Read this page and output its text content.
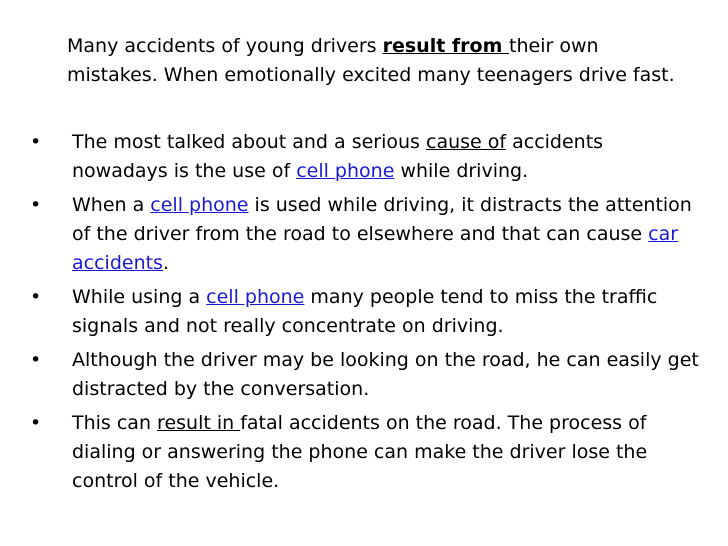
Many accidents of young drivers result from their own mistakes. When emotionally excited many teenagers drive fast.

•	The most talked about and a serious cause of accidents nowadays is the use of cell phone while driving.
•	When a cell phone is used while driving, it distracts the attention of the driver from the road to elsewhere and that can cause car accidents.
•	While using a cell phone many people tend to miss the traffic signals and not really concentrate on driving.
•	Although the driver may be looking on the road, he can easily get distracted by the conversation.
•	This can result in fatal accidents on the road. The process of dialing or answering the phone can make the driver lose the control of the vehicle.
